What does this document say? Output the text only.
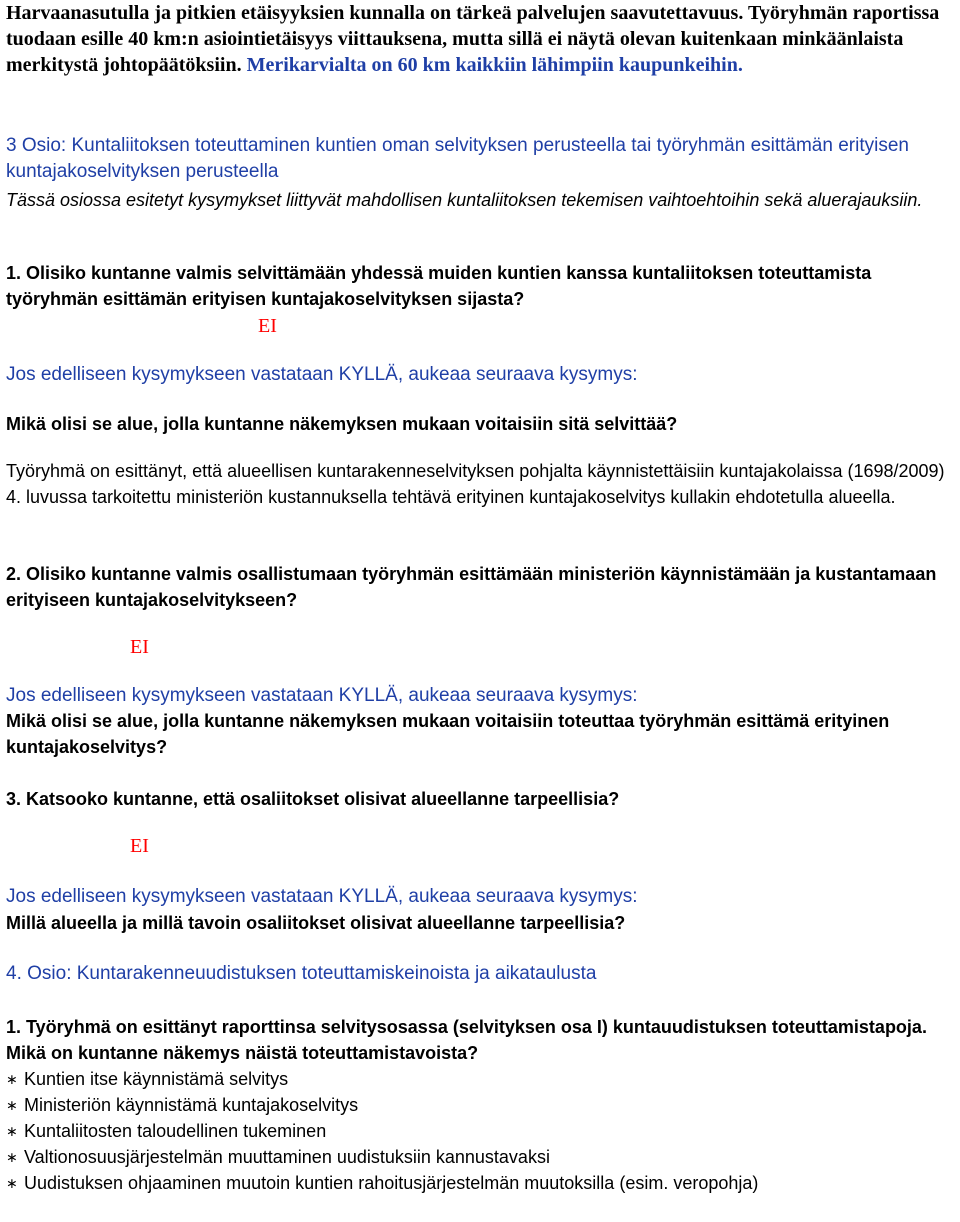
Harvaanasutulla ja pitkien etäisyyksien kunnalla on tärkeä palvelujen saavutettavuus. Työryhmän raportissa tuodaan esille 40 km:n asiointietäisyys viittauksena, mutta sillä ei näytä olevan kuitenkaan minkäänlaista merkitystä johtopäätöksiin. Merikarvialta on 60 km kaikkiin lähimpiin kaupunkeihin.

3 Osio: Kuntaliitoksen toteuttaminen kuntien oman selvityksen perusteella tai työryhmän esittämän erityisen kuntajakoselvityksen perusteella
Tässä osiossa esitetyt kysymykset liittyvät mahdollisen kuntaliitoksen tekemisen vaihtoehtoihin sekä aluerajauksiin.
1. Olisiko kuntanne valmis selvittämään yhdessä muiden kuntien kanssa kuntaliitoksen toteuttamista työryhmän esittämän erityisen kuntajakoselvityksen sijasta?
EI
Jos edelliseen kysymykseen vastataan KYLLÄ, aukeaa seuraava kysymys:
Mikä olisi se alue, jolla kuntanne näkemyksen mukaan voitaisiin sitä selvittää?
Työryhmä on esittänyt, että alueellisen kuntarakenneselvityksen pohjalta käynnistettäisiin kuntajakolaissa (1698/2009) 4. luvussa tarkoitettu ministeriön kustannuksella tehtävä erityinen kuntajakoselvitys kullakin ehdotetulla alueella.
2. Olisiko kuntanne valmis osallistumaan työryhmän esittämään ministeriön käynnistämään ja kustantamaan erityiseen kuntajakoselvitykseen?
EI
Jos edelliseen kysymykseen vastataan KYLLÄ, aukeaa seuraava kysymys:
Mikä olisi se alue, jolla kuntanne näkemyksen mukaan voitaisiin toteuttaa työryhmän esittämä erityinen kuntajakoselvitys?
3. Katsooko kuntanne, että osaliitokset olisivat alueellanne tarpeellisia?
EI
Jos edelliseen kysymykseen vastataan KYLLÄ, aukeaa seuraava kysymys:
Millä alueella ja millä tavoin osaliitokset olisivat alueellanne tarpeellisia?
4. Osio: Kuntarakenneuudistuksen toteuttamiskeinoista ja aikataulusta
1. Työryhmä on esittänyt raporttinsa selvitysosassa (selvityksen osa I) kuntauudistuksen toteuttamistapoja. Mikä on kuntanne näkemys näistä toteuttamistavoista?
∗ Kuntien itse käynnistämä selvitys
∗ Ministeriön käynnistämä kuntajakoselvitys
∗ Kuntaliitosten taloudellinen tukeminen
∗ Valtionosuusjärjestelmän muuttaminen uudistuksiin kannustavaksi
∗ Uudistuksen ohjaaminen muutoin kuntien rahoitusjärjestelmän muutoksilla (esim. veropohja)
